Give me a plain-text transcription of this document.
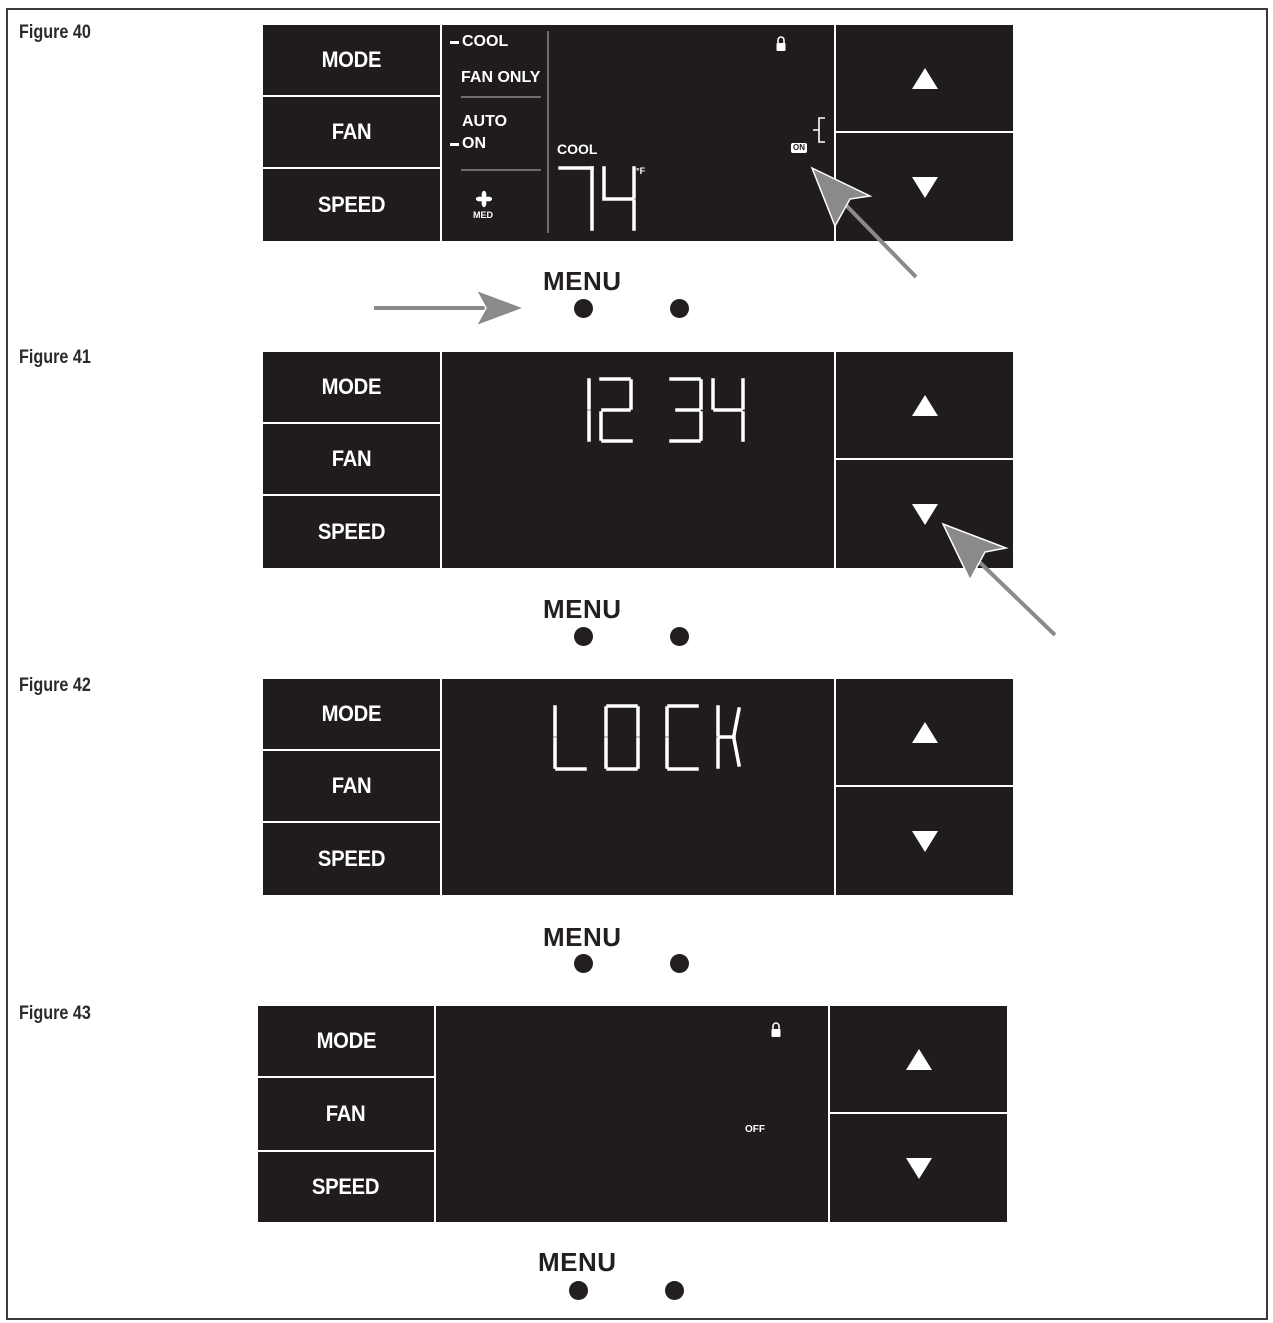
Figure 40
MODE
FAN
SPEED
COOL
FAN ONLY
AUTO
ON
MED
COOL
°F
ON
MENU
Figure 41
MODE
FAN
SPEED
MENU
Figure 42
MODE
FAN
SPEED
MENU
Figure 43
MODE
FAN
SPEED
OFF
MENU
